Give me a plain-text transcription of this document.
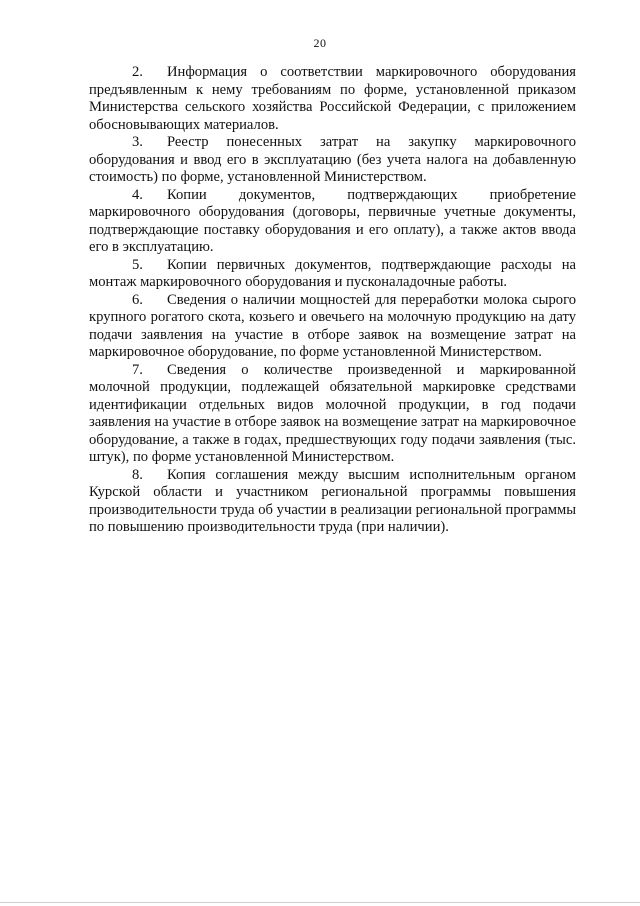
20

2. Информация о соответствии маркировочного оборудования предъявленным к нему требованиям по форме, установленной приказом Министерства сельского хозяйства Российской Федерации, с приложением обосновывающих материалов.

3. Реестр понесенных затрат на закупку маркировочного оборудования и ввод его в эксплуатацию (без учета налога на добавленную стоимость) по форме, установленной Министерством.

4. Копии документов, подтверждающих приобретение маркировочного оборудования (договоры, первичные учетные документы, подтверждающие поставку оборудования и его оплату), а также актов ввода его в эксплуатацию.

5. Копии первичных документов, подтверждающие расходы на монтаж маркировочного оборудования и пусконаладочные работы.

6. Сведения о наличии мощностей для переработки молока сырого крупного рогатого скота, козьего и овечьего на молочную продукцию на дату подачи заявления на участие в отборе заявок на возмещение затрат на маркировочное оборудование, по форме установленной Министерством.

7. Сведения о количестве произведенной и маркированной молочной продукции, подлежащей обязательной маркировке средствами идентификации отдельных видов молочной продукции, в год подачи заявления на участие в отборе заявок на возмещение затрат на маркировочное оборудование, а также в годах, предшествующих году подачи заявления (тыс. штук), по форме установленной Министерством.

8. Копия соглашения между высшим исполнительным органом Курской области и участником региональной программы повышения производительности труда об участии в реализации региональной программы по повышению производительности труда (при наличии).
